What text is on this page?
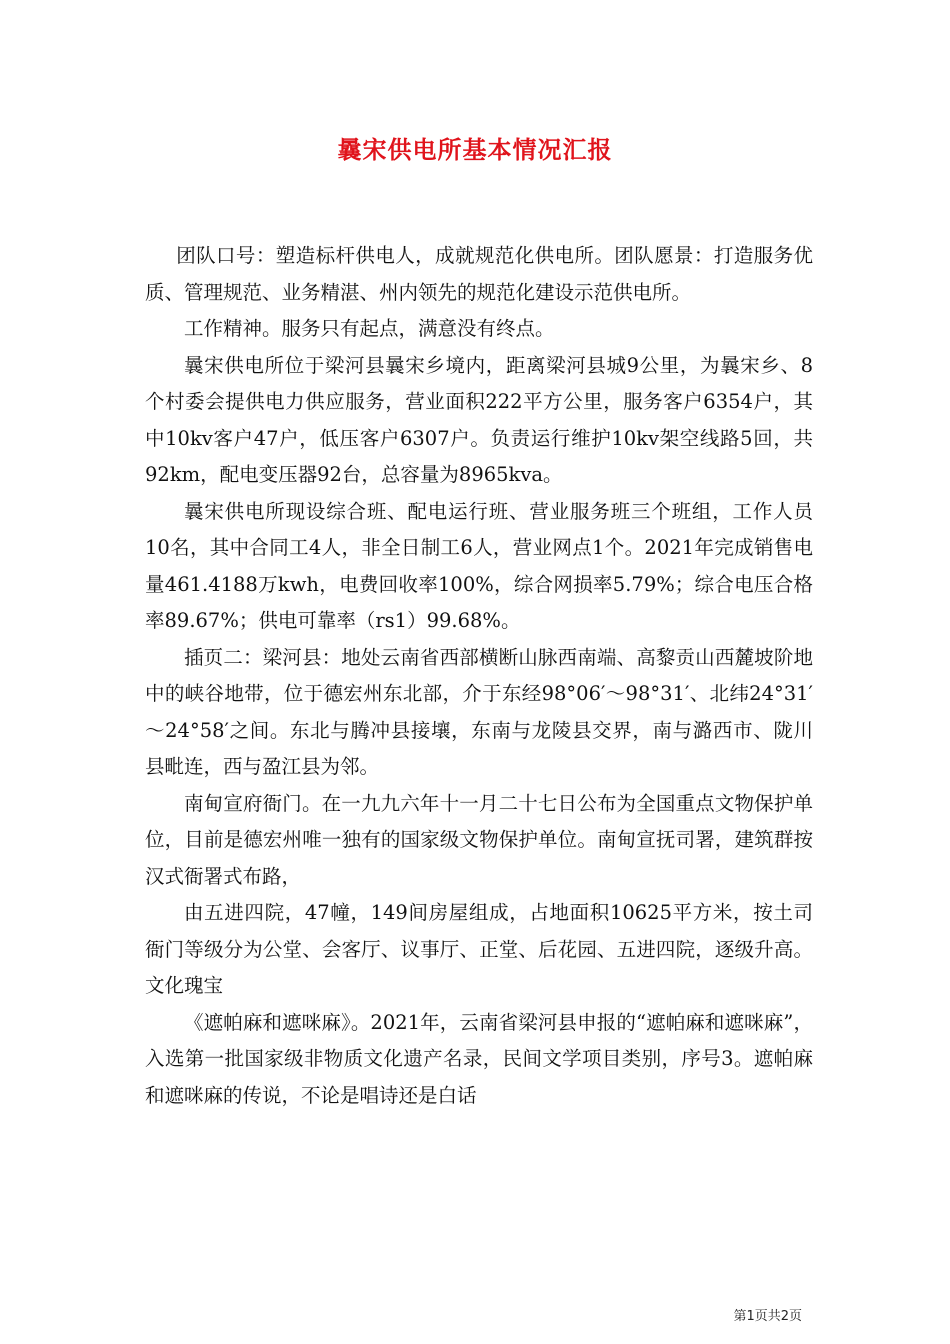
曩宋供电所基本情况汇报

团队口号：塑造标杆供电人，成就规范化供电所。团队愿景：打造服务优质、管理规范、业务精湛、州内领先的规范化建设示范供电所。

工作精神。服务只有起点，满意没有终点。

曩宋供电所位于梁河县曩宋乡境内，距离梁河县城9公里，为曩宋乡、8个村委会提供电力供应服务，营业面积222平方公里，服务客户6354户，其中10kv客户47户，低压客户6307户。负责运行维护10kv架空线路5回，共92km，配电变压器92台，总容量为8965kva。

曩宋供电所现设综合班、配电运行班、营业服务班三个班组，工作人员10名，其中合同工4人，非全日制工6人，营业网点1个。2021年完成销售电量461.4188万kwh，电费回收率100%，综合网损率5.79%；综合电压合格率89.67%；供电可靠率（rs1）99.68%。

插页二：梁河县：地处云南省西部横断山脉西南端、高黎贡山西麓坡阶地中的峡谷地带，位于德宏州东北部，介于东经98°06′～98°31′、北纬24°31′～24°58′之间。东北与腾冲县接壤，东南与龙陵县交界，南与潞西市、陇川县毗连，西与盈江县为邻。

南甸宣府衙门。在一九九六年十一月二十七日公布为全国重点文物保护单位，目前是德宏州唯一独有的国家级文物保护单位。南甸宣抚司署，建筑群按汉式衙署式布路，

由五进四院，47幢，149间房屋组成，占地面积10625平方米，按土司衙门等级分为公堂、会客厅、议事厅、正堂、后花园、五进四院，逐级升高。文化瑰宝

《遮帕麻和遮咪麻》。2021年，云南省梁河县申报的“遮帕麻和遮咪麻”，入选第一批国家级非物质文化遗产名录，民间文学项目类别，序号3。遮帕麻和遮咪麻的传说，不论是唱诗还是白话

第1页共2页
